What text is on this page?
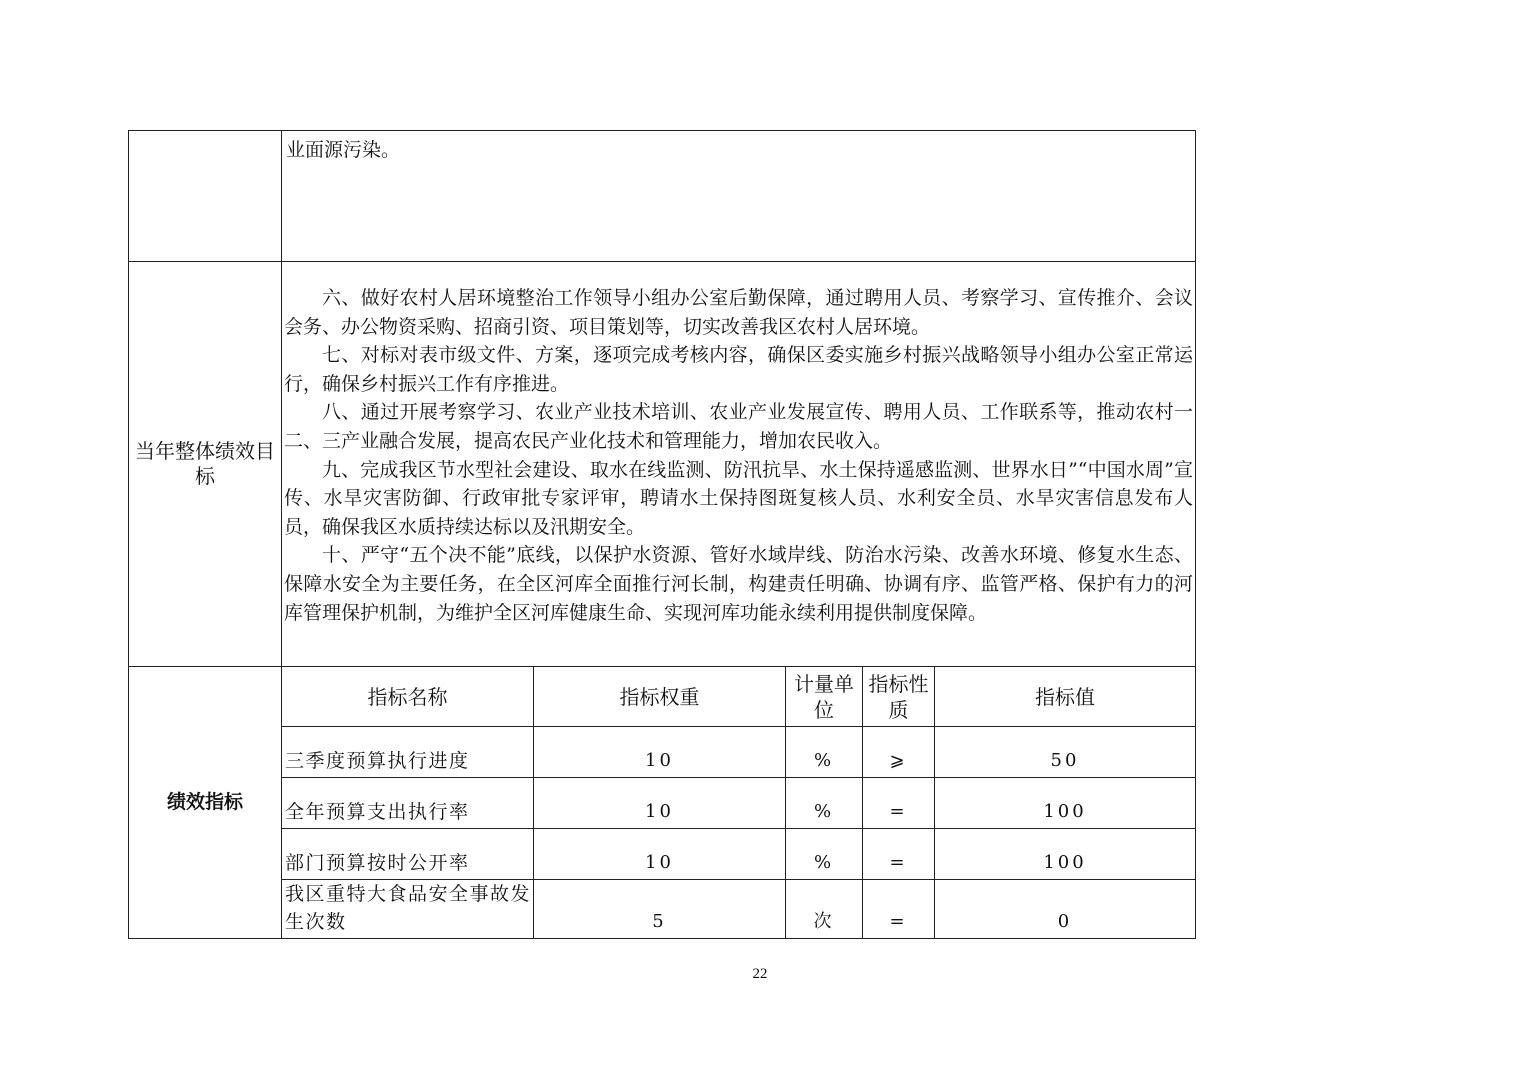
	业面源污染。				
当年整体绩效目标	六、做好农村人居环境整治工作领导小组办公室后勤保障，通过聘用人员、考察学习、宣传推介、会议会务、办公物资采购、招商引资、项目策划等，切实改善我区农村人居环境。

七、对标对表市级文件、方案，逐项完成考核内容，确保区委实施乡村振兴战略领导小组办公室正常运行，确保乡村振兴工作有序推进。

八、通过开展考察学习、农业产业技术培训、农业产业发展宣传、聘用人员、工作联系等，推动农村一二、三产业融合发展，提高农民产业化技术和管理能力，增加农民收入。

九、完成我区节水型社会建设、取水在线监测、防汛抗旱、水土保持遥感监测、世界水日”“中国水周”宣传、水旱灾害防御、行政审批专家评审，聘请水土保持图斑复核人员、水利安全员、水旱灾害信息发布人员，确保我区水质持续达标以及汛期安全。

十、严守“五个决不能”底线，以保护水资源、管好水域岸线、防治水污染、改善水环境、修复水生态、保障水安全为主要任务，在全区河库全面推行河长制，构建责任明确、协调有序、监管严格、保护有力的河库管理保护机制，为维护全区河库健康生命、实现河库功能永续利用提供制度保障。				

绩效指标	指标名称	指标权重	计量单位	指标性质	指标值
	三季度预算执行进度	10	%	⩾	50
	全年预算支出执行率	10	%	=	100
	部门预算按时公开率	10	%	=	100
	我区重特大食品安全事故发生次数	5	次	=	0
22
